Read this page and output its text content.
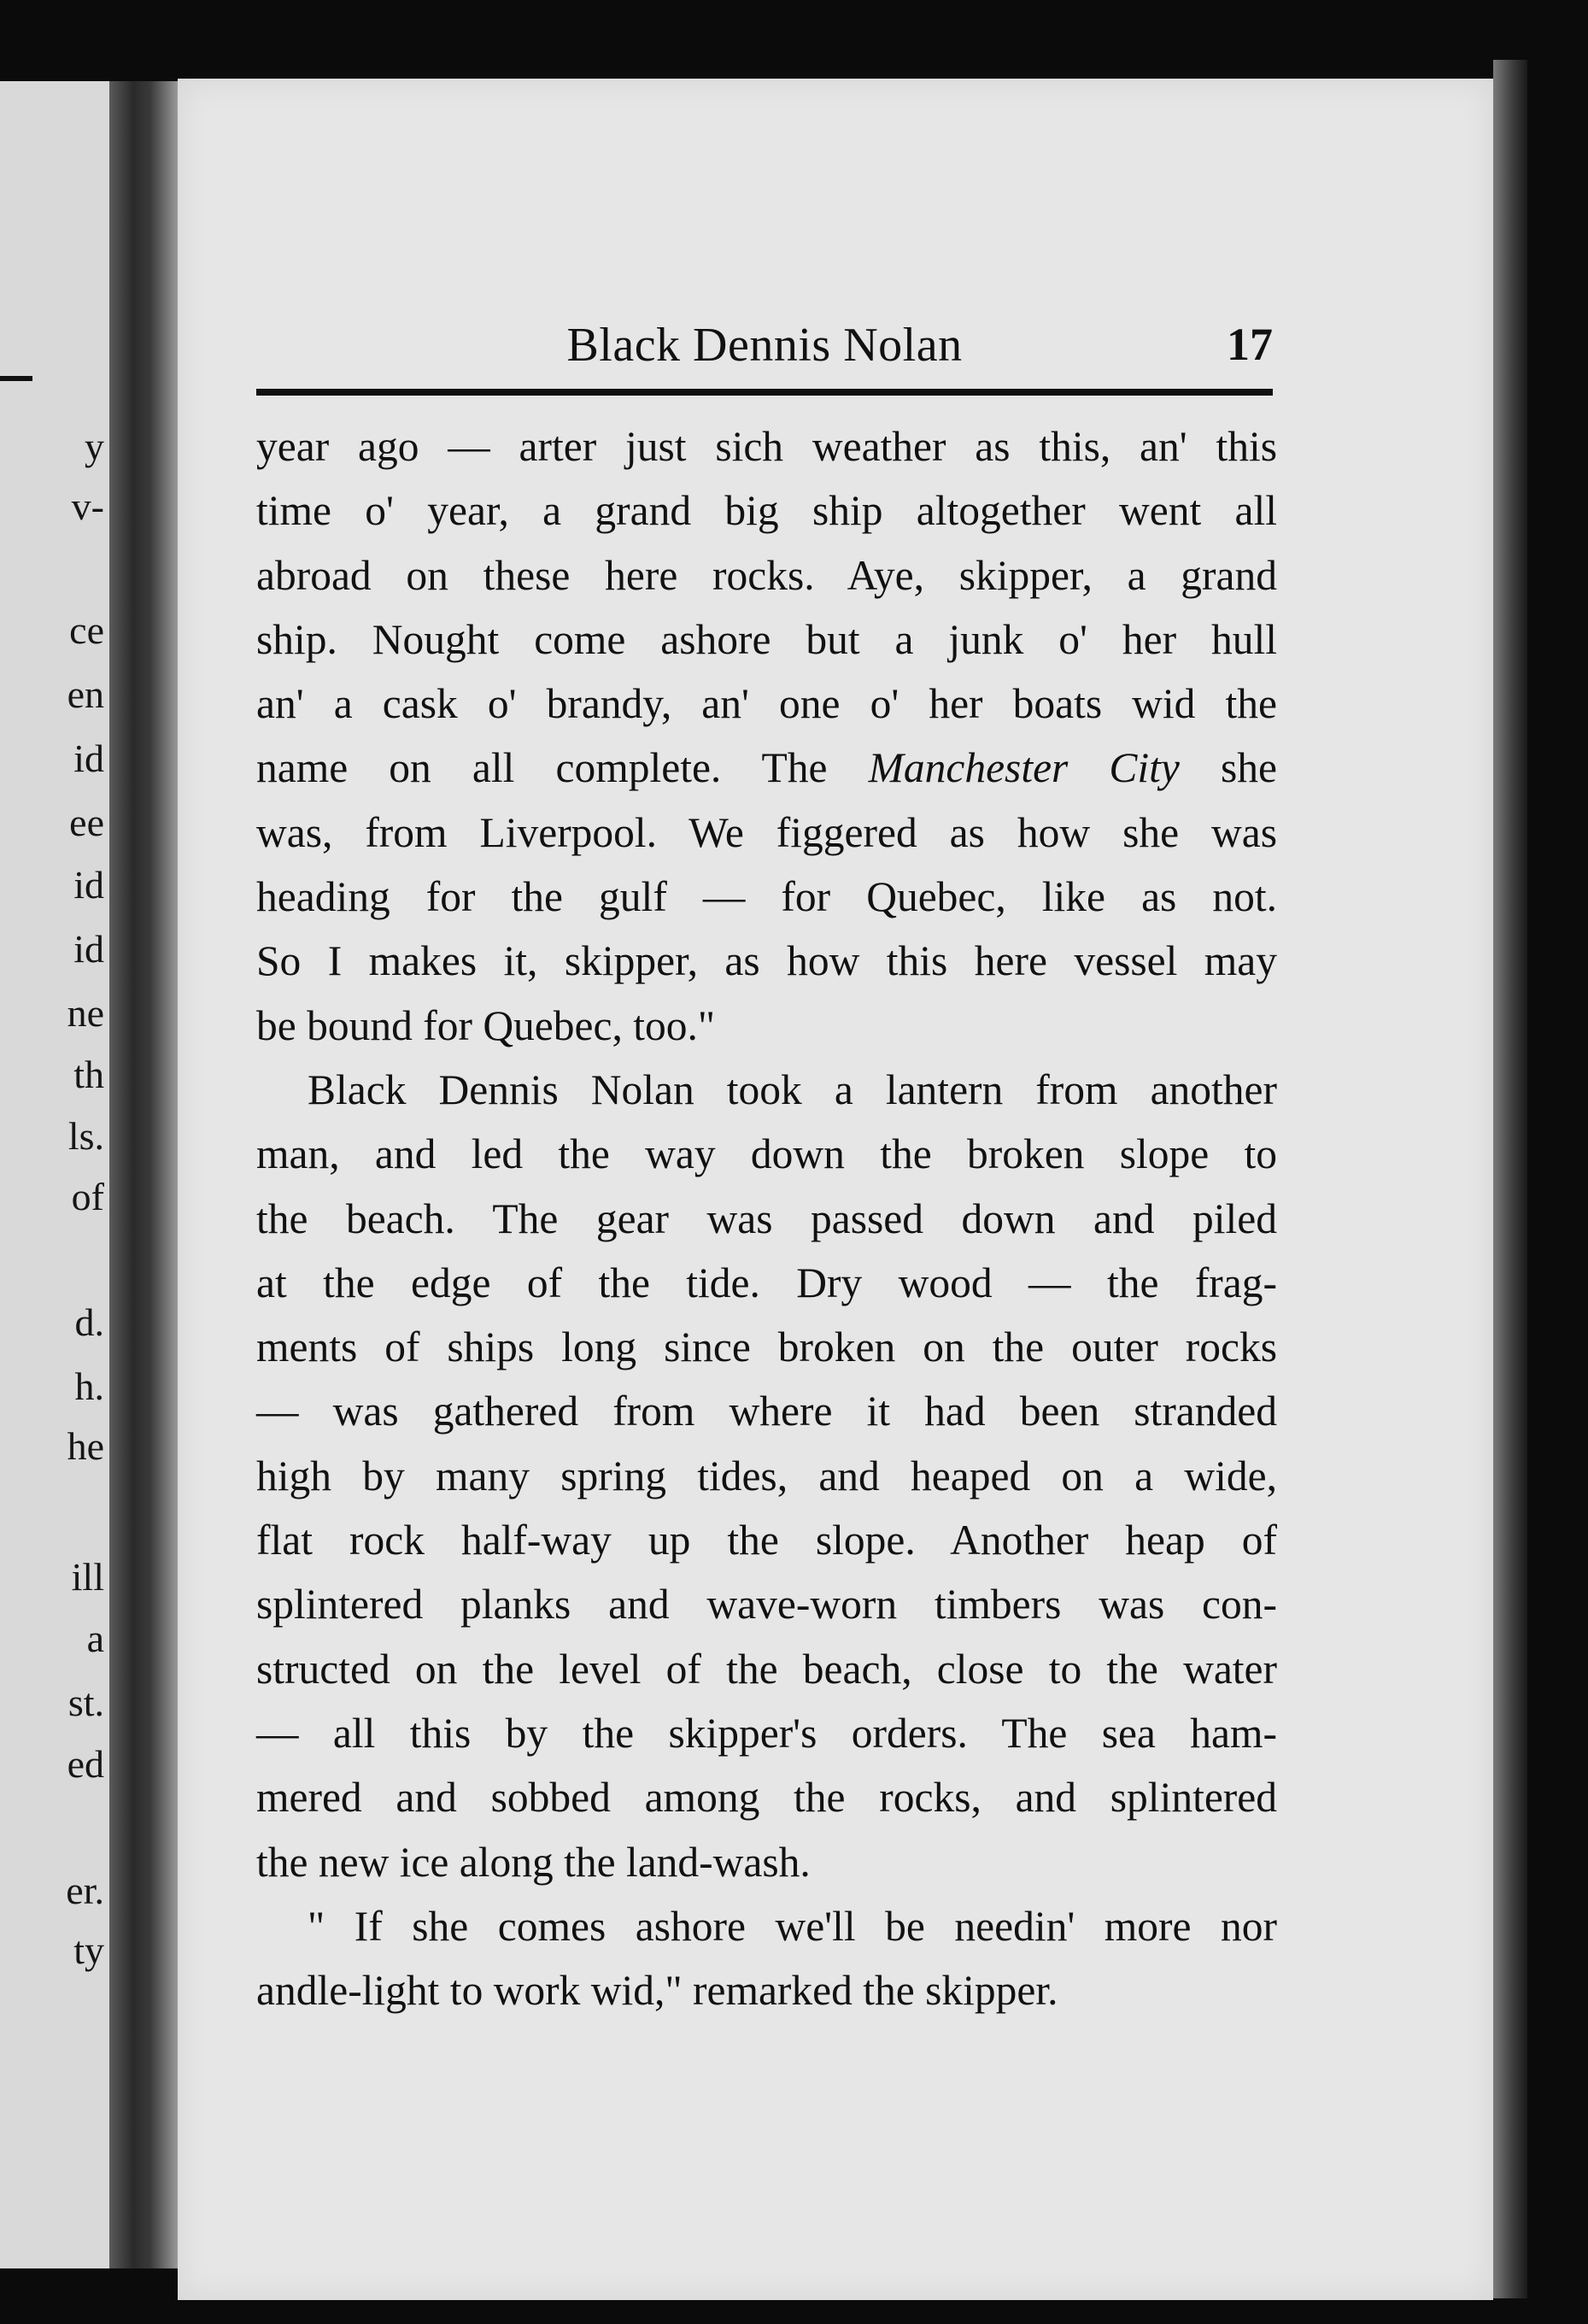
y
v-
ce
en
id
ee
id
id
ne
th
ls.
of
d.
h.
he
ill
a
st.
ed
er.
ty
Black Dennis Nolan	17
year ago — arter just sich weather as this, an' this
time o' year, a grand big ship altogether went all
abroad on these here rocks. Aye, skipper, a grand
ship. Nought come ashore but a junk o' her hull
an' a cask o' brandy, an' one o' her boats wid the
name on all complete. The Manchester City she
was, from Liverpool. We figgered as how she was
heading for the gulf — for Quebec, like as not.
So I makes it, skipper, as how this here vessel may
be bound for Quebec, too."
Black Dennis Nolan took a lantern from another
man, and led the way down the broken slope to
the beach. The gear was passed down and piled
at the edge of the tide. Dry wood — the frag-
ments of ships long since broken on the outer rocks
— was gathered from where it had been stranded
high by many spring tides, and heaped on a wide,
flat rock half-way up the slope. Another heap of
splintered planks and wave-worn timbers was con-
structed on the level of the beach, close to the water
— all this by the skipper's orders. The sea ham-
mered and sobbed among the rocks, and splintered
the new ice along the land-wash.
" If she comes ashore we'll be needin' more nor
andle-light to work wid," remarked the skipper.
